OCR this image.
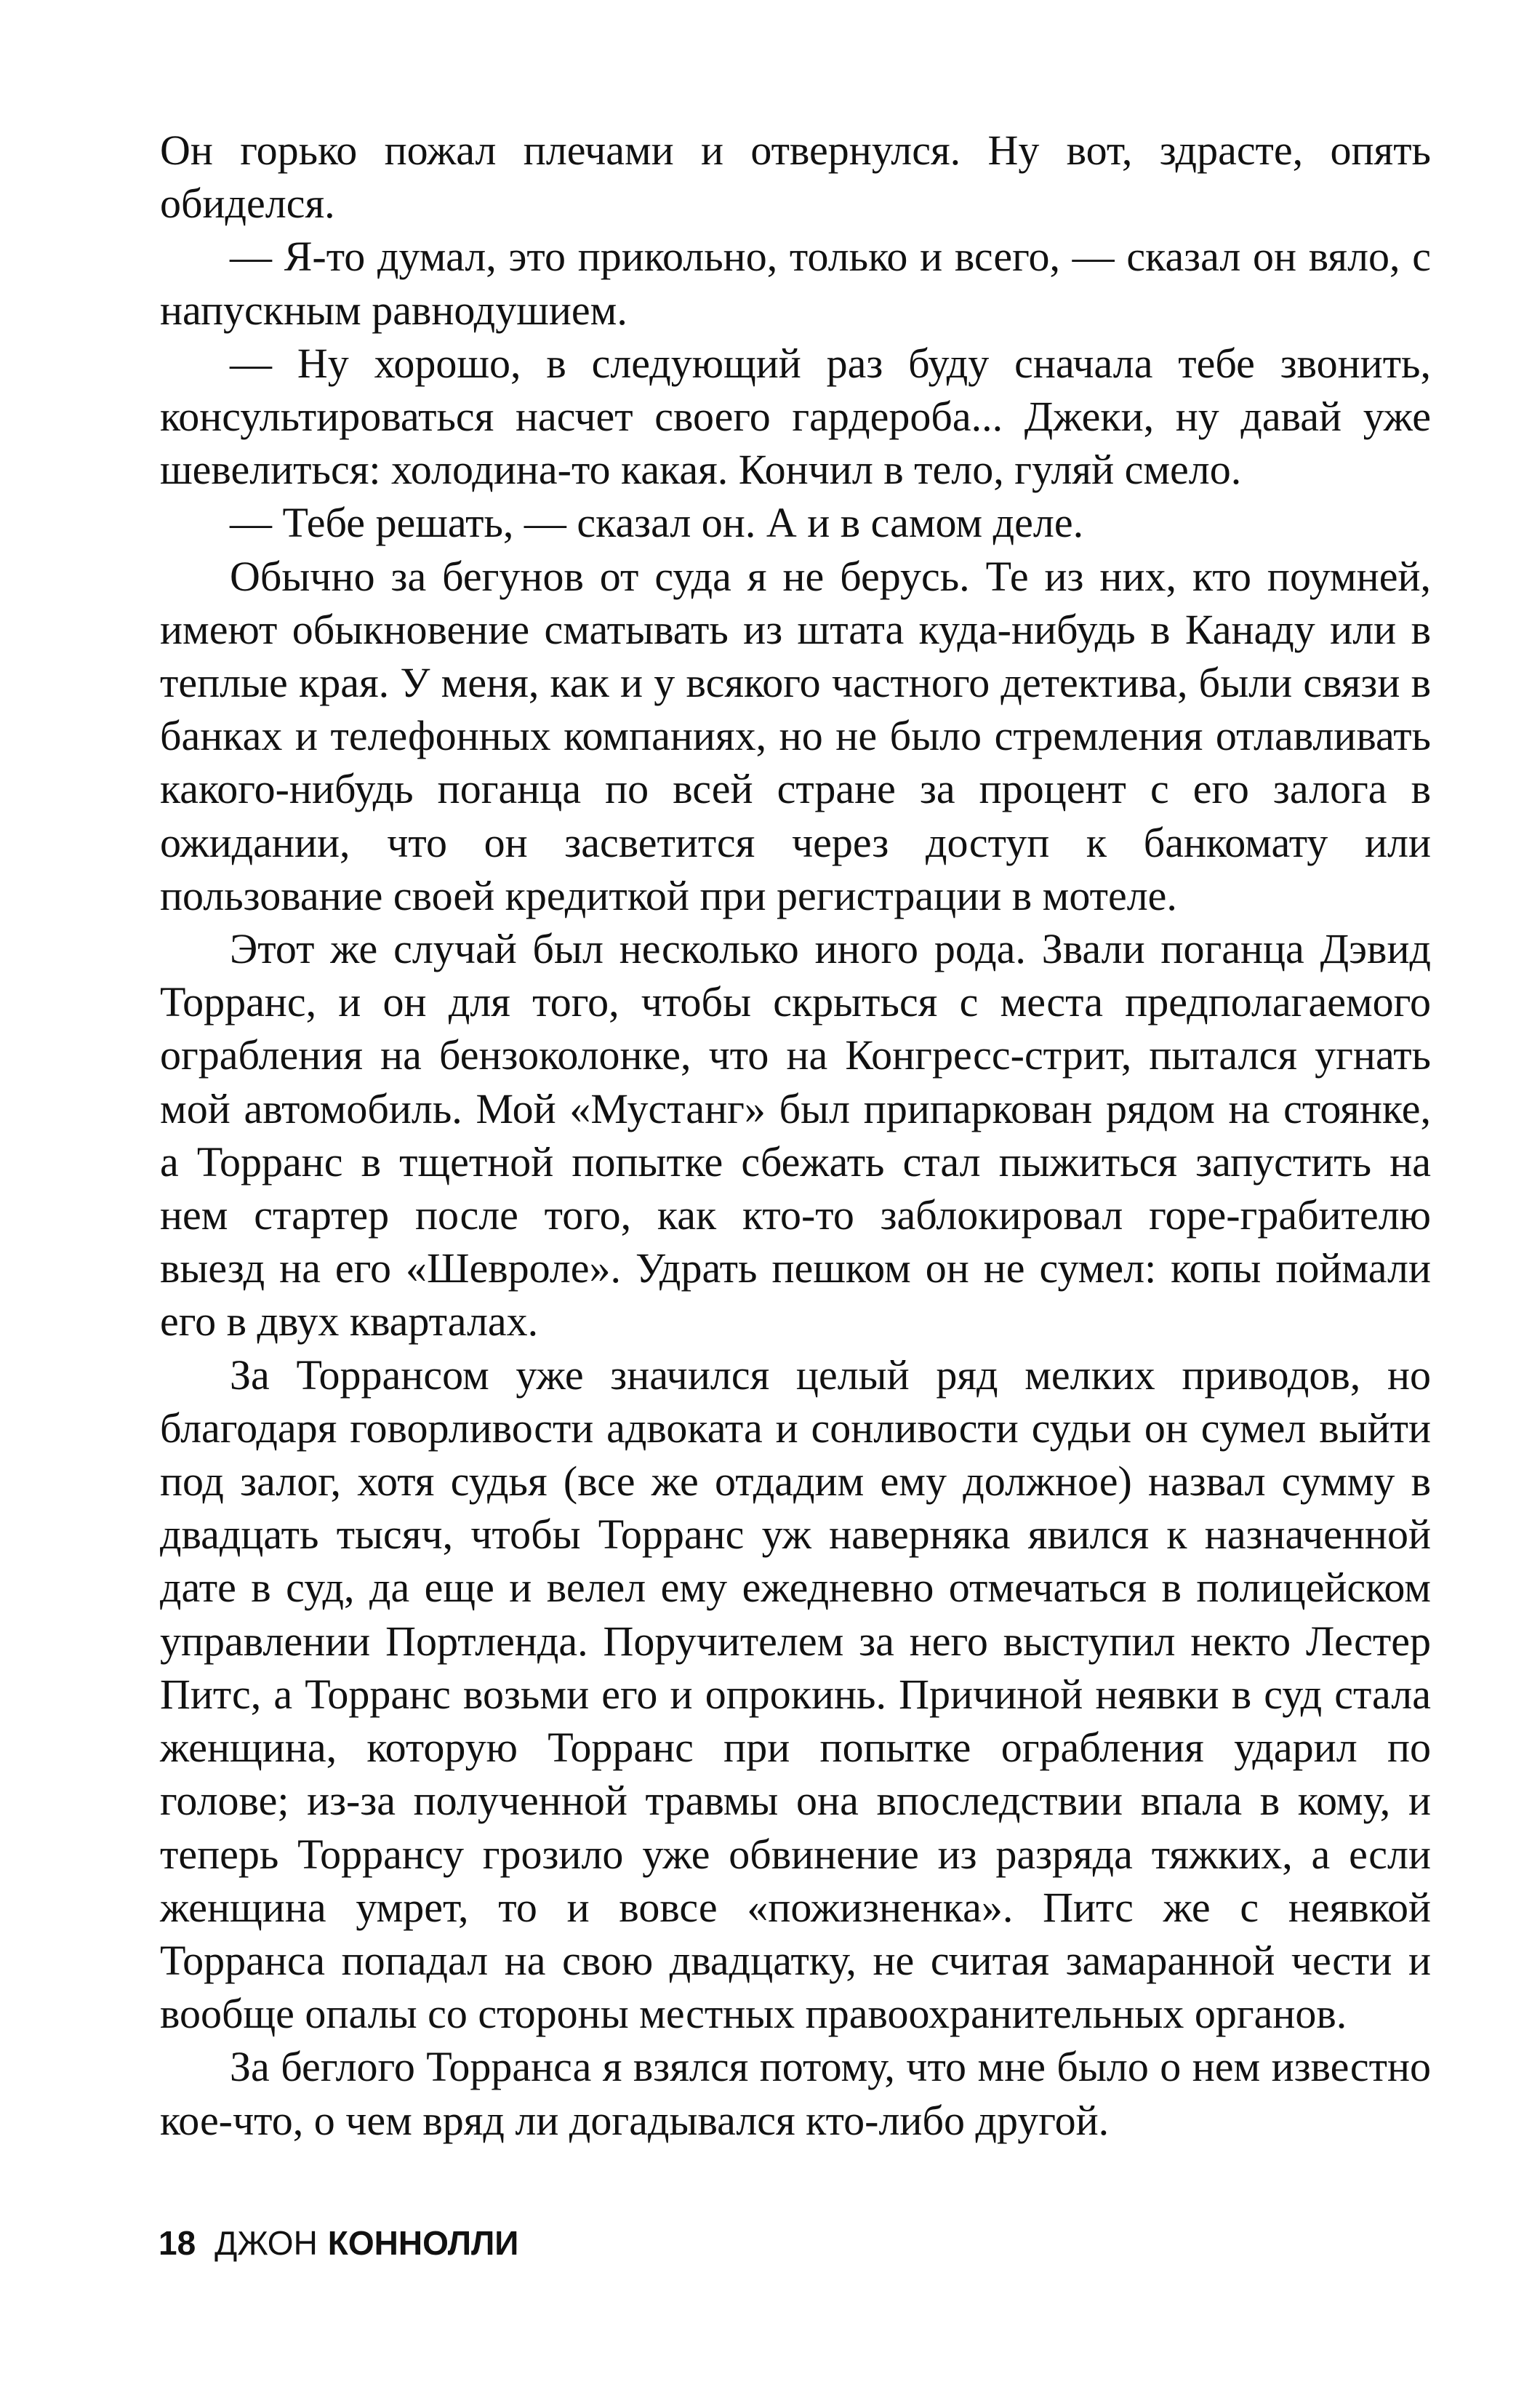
Он горько пожал плечами и отвернулся. Ну вот, здрасте, опять обиделся.

— Я-то думал, это прикольно, только и всего, — сказал он вяло, с напускным равнодушием.

— Ну хорошо, в следующий раз буду сначала тебе звонить, консультироваться насчет своего гардероба... Джеки, ну давай уже шевелиться: холодина-то какая. Кончил в тело, гуляй смело.

— Тебе решать, — сказал он. А и в самом деле.

Обычно за бегунов от суда я не берусь. Те из них, кто поумней, имеют обыкновение сматывать из штата куда-нибудь в Канаду или в теплые края. У меня, как и у всякого частного детектива, были связи в банках и телефонных компаниях, но не было стремления отлавливать какого-нибудь поганца по всей стране за процент с его залога в ожидании, что он засветится через доступ к банкомату или пользование своей кредиткой при регистрации в мотеле.

Этот же случай был несколько иного рода. Звали поганца Дэвид Торранс, и он для того, чтобы скрыться с места предполагаемого ограбления на бензоколонке, что на Конгресс-стрит, пытался угнать мой автомобиль. Мой «Мустанг» был припаркован рядом на стоянке, а Торранс в тщетной попытке сбежать стал пыжиться запустить на нем стартер после того, как кто-то заблокировал горе-грабителю выезд на его «Шевроле». Удрать пешком он не сумел: копы поймали его в двух кварталах.

За Торрансом уже значился целый ряд мелких приводов, но благодаря говорливости адвоката и сонливости судьи он сумел выйти под залог, хотя судья (все же отдадим ему должное) назвал сумму в двадцать тысяч, чтобы Торранс уж наверняка явился к назначенной дате в суд, да еще и велел ему ежедневно отмечаться в полицейском управлении Портленда. Поручителем за него выступил некто Лестер Питс, а Торранс возьми его и опрокинь. Причиной неявки в суд стала женщина, которую Торранс при попытке ограбления ударил по голове; из-за полученной травмы она впоследствии впала в кому, и теперь Торрансу грозило уже обвинение из разряда тяжких, а если женщина умрет, то и вовсе «пожизненка». Питс же с неявкой Торранса попадал на свою двадцатку, не считая замаранной чести и вообще опалы со стороны местных правоохранительных органов.

За беглого Торранса я взялся потому, что мне было о нем известно кое-что, о чем вряд ли догадывался кто-либо другой.

18 ДЖОН КОННОЛЛИ
